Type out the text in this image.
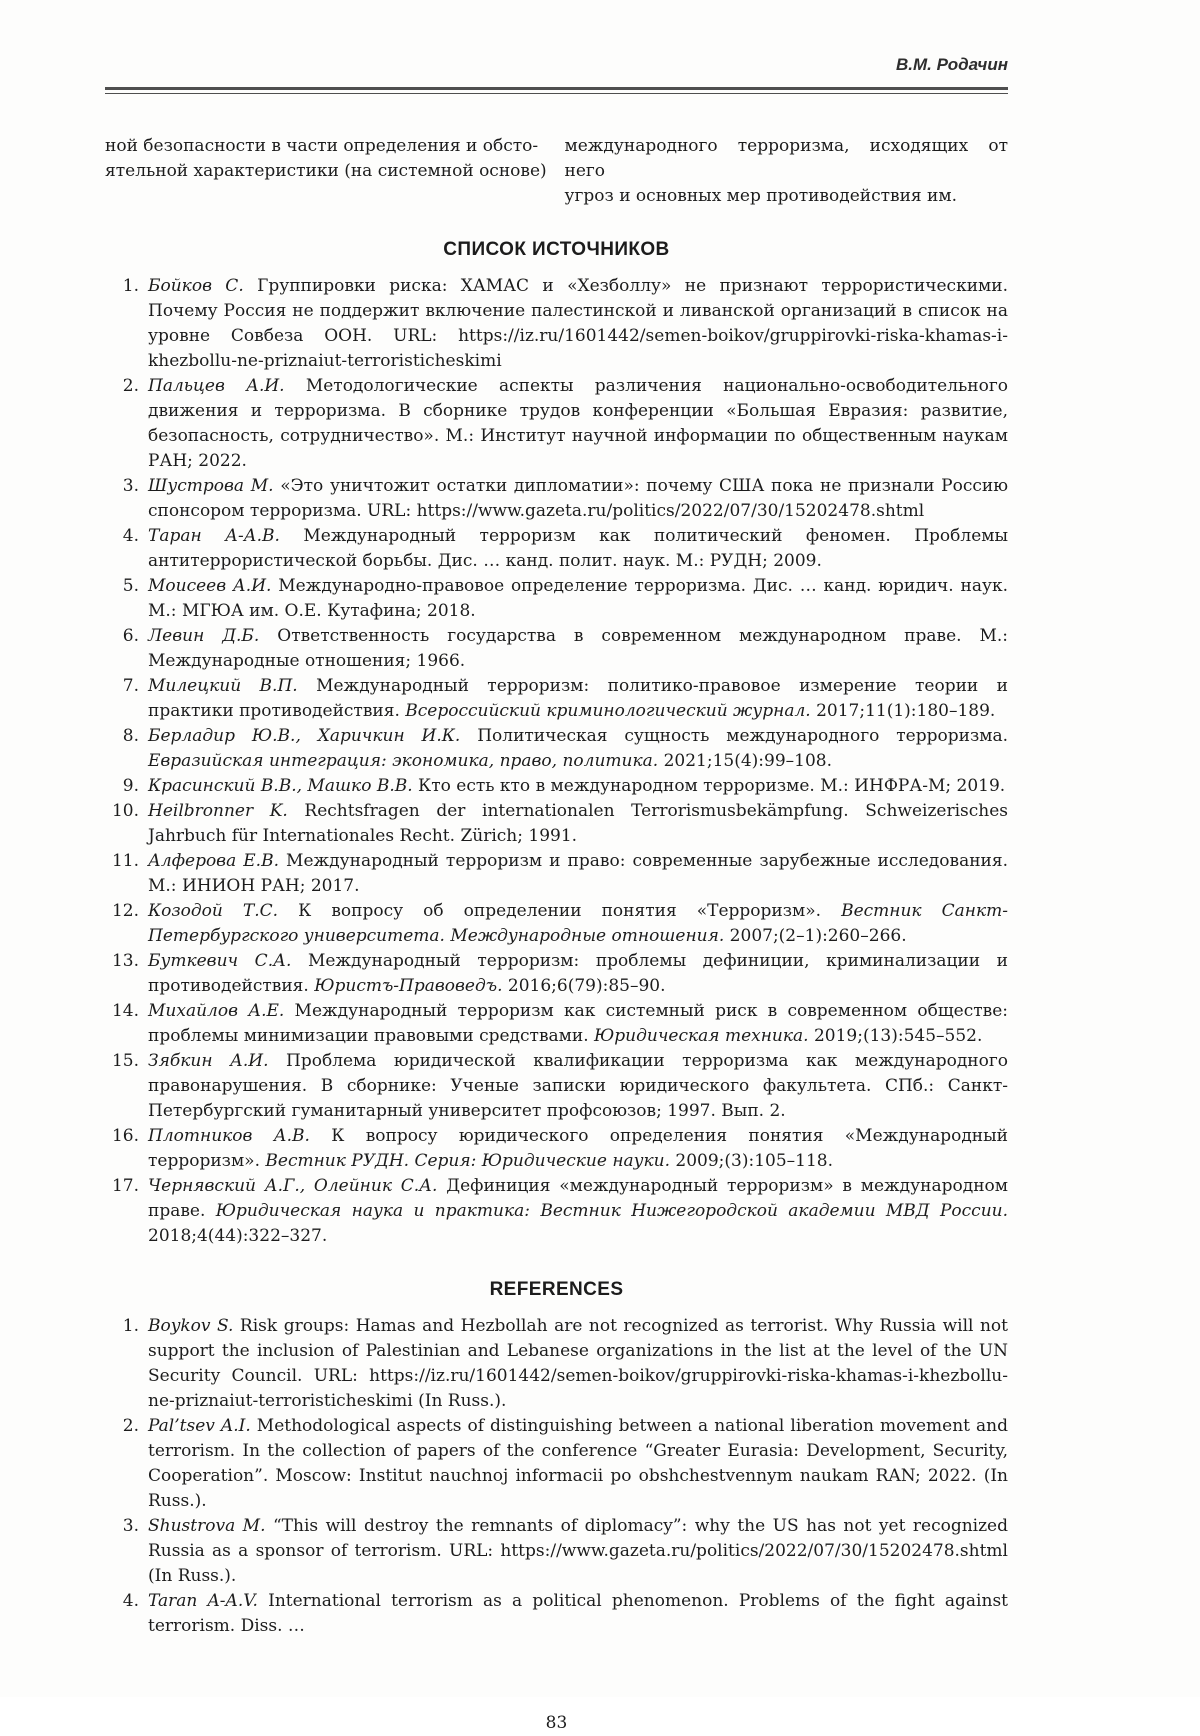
В.М. Родачин

ной безопасности в части определения и обсто-
ятельной характеристики (на системной основе)

международного терроризма, исходящих от него
угроз и основных мер противодействия им.

СПИСОК ИСТОЧНИКОВ
1. Бойков С. Группировки риска: ХАМАС и «Хезболлу» не признают террористическими. Почему Россия не поддержит включение палестинской и ливанской организаций в список на уровне Совбеза ООН. URL: https://iz.ru/1601442/semen-boikov/gruppirovki-riska-khamas-i-khezbollu-ne-priznaiut-terroristicheskimi
2. Пальцев А.И. Методологические аспекты различения национально-освободительного движения и терроризма. В сборнике трудов конференции «Большая Евразия: развитие, безопасность, сотрудничество». М.: Институт научной информации по общественным наукам РАН; 2022.
3. Шустрова М. «Это уничтожит остатки дипломатии»: почему США пока не признали Россию спонсором терроризма. URL: https://www.gazeta.ru/politics/2022/07/30/15202478.shtml
4. Таран А-А.В. Международный терроризм как политический феномен. Проблемы антитеррористической борьбы. Дис. … канд. полит. наук. М.: РУДН; 2009.
5. Моисеев А.И. Международно-правовое определение терроризма. Дис. … канд. юридич. наук. М.: МГЮА им. О.Е. Кутафина; 2018.
6. Левин Д.Б. Ответственность государства в современном международном праве. М.: Международные отношения; 1966.
7. Милецкий В.П. Международный терроризм: политико-правовое измерение теории и практики противодействия. Всероссийский криминологический журнал. 2017;11(1):180–189.
8. Берладир Ю.В., Харичкин И.К. Политическая сущность международного терроризма. Евразийская интеграция: экономика, право, политика. 2021;15(4):99–108.
9. Красинский В.В., Машко В.В. Кто есть кто в международном терроризме. М.: ИНФРА-М; 2019.
10. Heilbronner K. Rechtsfragen der internationalen Terrorismusbekämpfung. Schweizerisches Jahrbuch für Internationales Recht. Zürich; 1991.
11. Алферова Е.В. Международный терроризм и право: современные зарубежные исследования. М.: ИНИОН РАН; 2017.
12. Козодой Т.С. К вопросу об определении понятия «Терроризм». Вестник Санкт-Петербургского университета. Международные отношения. 2007;(2–1):260–266.
13. Буткевич С.А. Международный терроризм: проблемы дефиниции, криминализации и противодействия. Юристъ-Правоведъ. 2016;6(79):85–90.
14. Михайлов А.Е. Международный терроризм как системный риск в современном обществе: проблемы минимизации правовыми средствами. Юридическая техника. 2019;(13):545–552.
15. Зябкин А.И. Проблема юридической квалификации терроризма как международного правонарушения. В сборнике: Ученые записки юридического факультета. СПб.: Санкт-Петербургский гуманитарный университет профсоюзов; 1997. Вып. 2.
16. Плотников А.В. К вопросу юридического определения понятия «Международный терроризм». Вестник РУДН. Серия: Юридические науки. 2009;(3):105–118.
17. Чернявский А.Г., Олейник С.А. Дефиниция «международный терроризм» в международном праве. Юридическая наука и практика: Вестник Нижегородской академии МВД России. 2018;4(44):322–327.
REFERENCES
1. Boykov S. Risk groups: Hamas and Hezbollah are not recognized as terrorist. Why Russia will not support the inclusion of Palestinian and Lebanese organizations in the list at the level of the UN Security Council. URL: https://iz.ru/1601442/semen-boikov/gruppirovki-riska-khamas-i-khezbollu-ne-priznaiut-terroristicheskimi (In Russ.).
2. Pal’tsev A.I. Methodological aspects of distinguishing between a national liberation movement and terrorism. In the collection of papers of the conference “Greater Eurasia: Development, Security, Cooperation”. Moscow: Institut nauchnoj informacii po obshchestvennym naukam RAN; 2022. (In Russ.).
3. Shustrova M. “This will destroy the remnants of diplomacy”: why the US has not yet recognized Russia as a sponsor of terrorism. URL: https://www.gazeta.ru/politics/2022/07/30/15202478.shtml (In Russ.).
4. Taran A-A.V. International terrorism as a political phenomenon. Problems of the fight against terrorism. Diss. …
83
